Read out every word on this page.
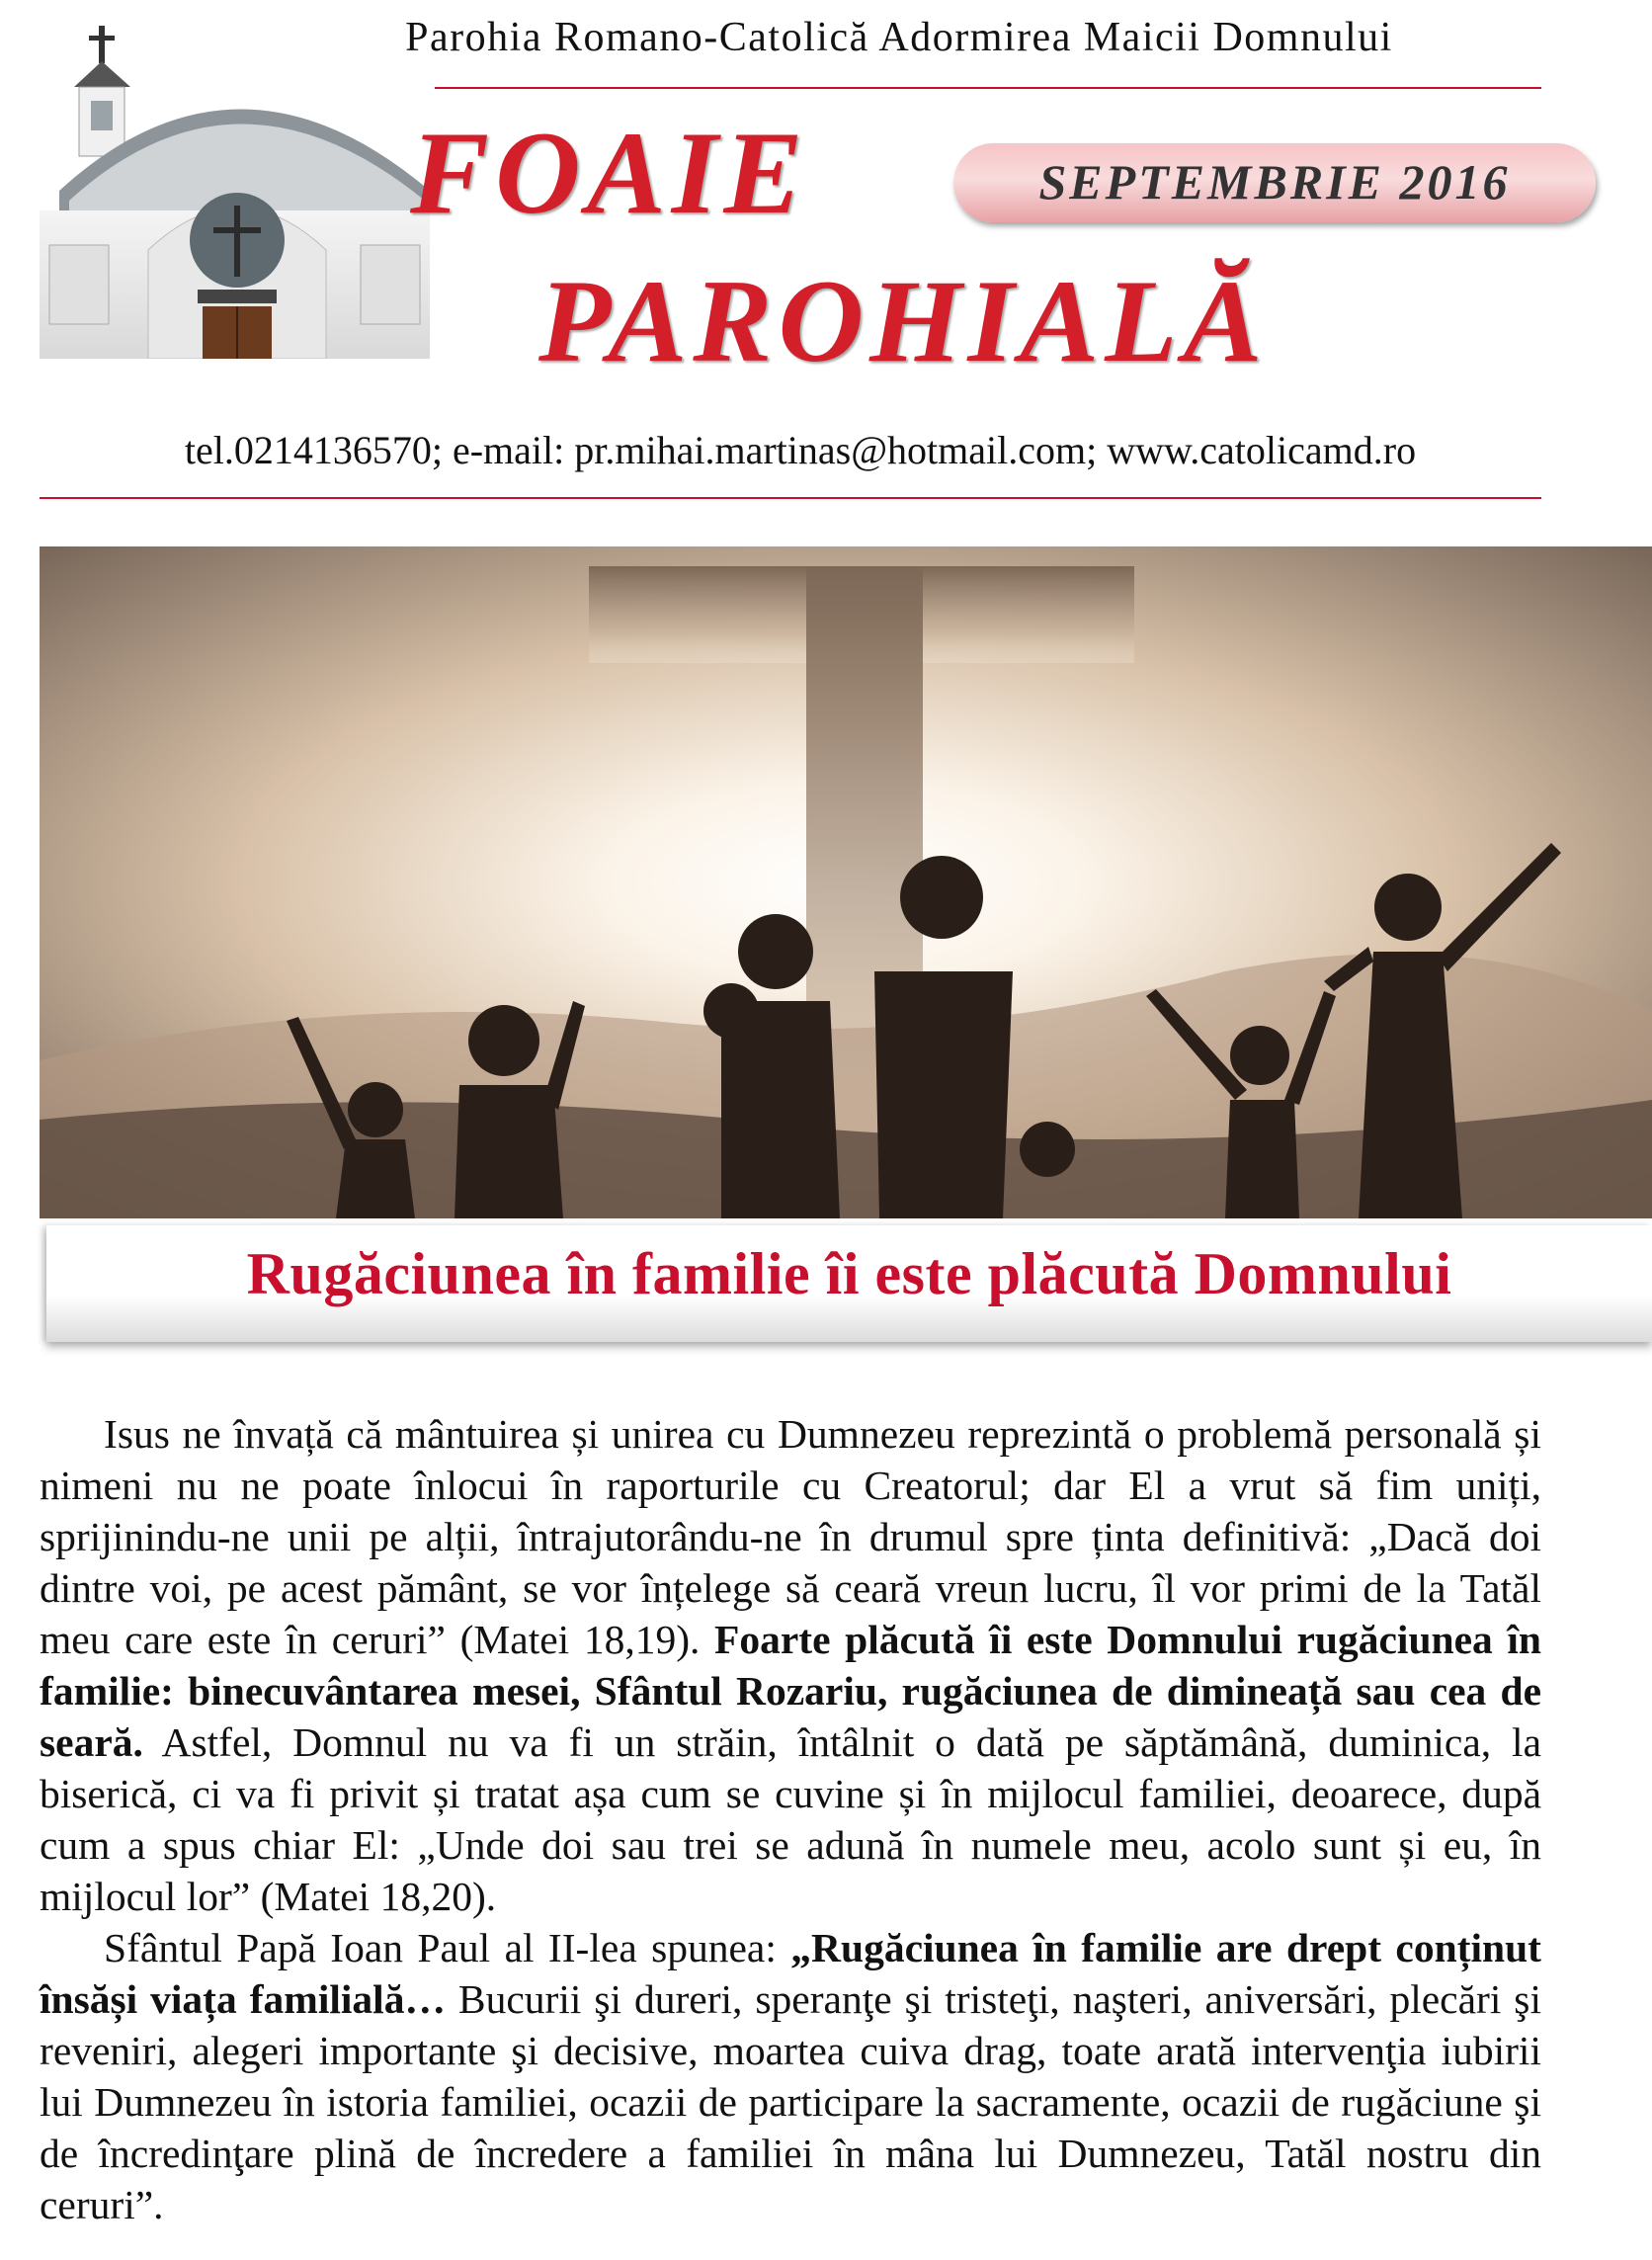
Parohia Romano-Catolică Adormirea Maicii Domnului
FOAIE	SEPTEMBRIE 2016
PAROHIALĂ
tel.0214136570; e-mail: pr.mihai.martinas@hotmail.com; www.catolicamd.ro
Rugăciunea în familie îi este plăcută Domnului

Isus ne învață că mântuirea și unirea cu Dumnezeu reprezintă o problemă personală și nimeni nu ne poate înlocui în raporturile cu Creatorul; dar El a vrut să fim uniți, sprijinindu-ne unii pe alții, întrajutorându-ne în drumul spre ținta definitivă: „Dacă doi dintre voi, pe acest pământ, se vor înțelege să ceară vreun lucru, îl vor primi de la Tatăl meu care este în ceruri” (Matei 18,19). Foarte plăcută îi este Domnului rugăciunea în familie: binecuvântarea mesei, Sfântul Rozariu, rugăciunea de dimineață sau cea de seară. Astfel, Domnul nu va fi un străin, întâlnit o dată pe săptămână, duminica, la biserică, ci va fi privit și tratat așa cum se cuvine și în mijlocul familiei, deoarece, după cum a spus chiar El: „Unde doi sau trei se adună în numele meu, acolo sunt și eu, în mijlocul lor” (Matei 18,20).

Sfântul Papă Ioan Paul al II-lea spunea: „Rugăciunea în familie are drept conținut însăși viața familială… Bucurii şi dureri, speranţe şi tristeţi, naşteri, aniversări, plecări şi reveniri, alegeri importante şi decisive, moartea cuiva drag, toate arată intervenţia iubirii lui Dumnezeu în istoria familiei, ocazii de participare la sacramente, ocazii de rugăciune şi de încredinţare plină de încredere a familiei în mâna lui Dumnezeu, Tatăl nostru din ceruri”.
